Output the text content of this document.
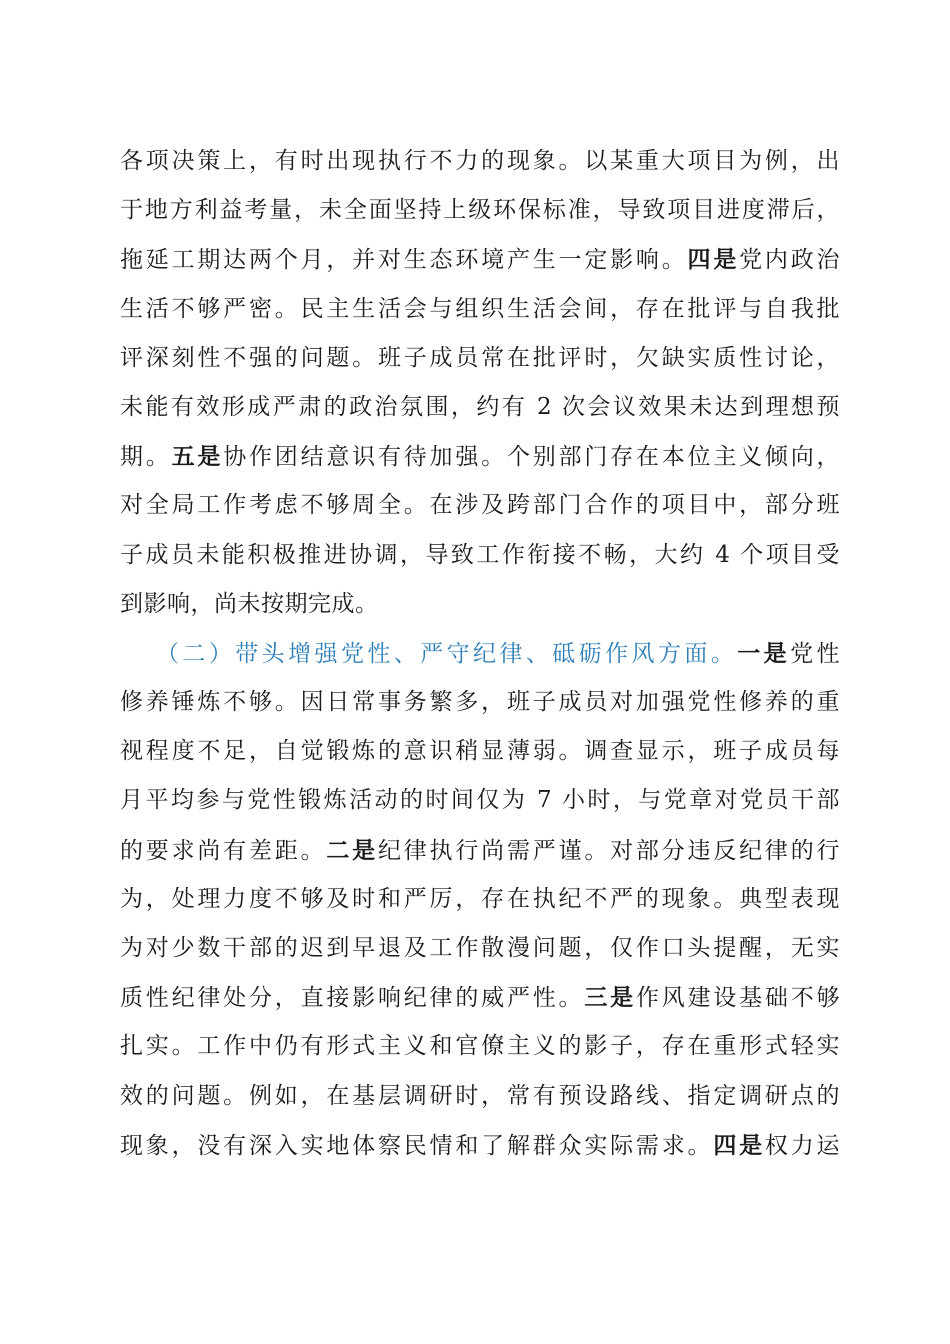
各项决策上，有时出现执行不力的现象。以某重大项目为例，出
于地方利益考量，未全面坚持上级环保标准，导致项目进度滞后，
拖延工期达两个月，并对生态环境产生一定影响。四是党内政治
生活不够严密。民主生活会与组织生活会间，存在批评与自我批
评深刻性不强的问题。班子成员常在批评时，欠缺实质性讨论，
未能有效形成严肃的政治氛围，约有 2 次会议效果未达到理想预
期。五是协作团结意识有待加强。个别部门存在本位主义倾向，
对全局工作考虑不够周全。在涉及跨部门合作的项目中，部分班
子成员未能积极推进协调，导致工作衔接不畅，大约 4 个项目受
到影响，尚未按期完成。
（二）带头增强党性、严守纪律、砥砺作风方面。一是党性
修养锤炼不够。因日常事务繁多，班子成员对加强党性修养的重
视程度不足，自觉锻炼的意识稍显薄弱。调查显示，班子成员每
月平均参与党性锻炼活动的时间仅为 7 小时，与党章对党员干部
的要求尚有差距。二是纪律执行尚需严谨。对部分违反纪律的行
为，处理力度不够及时和严厉，存在执纪不严的现象。典型表现
为对少数干部的迟到早退及工作散漫问题，仅作口头提醒，无实
质性纪律处分，直接影响纪律的威严性。三是作风建设基础不够
扎实。工作中仍有形式主义和官僚主义的影子，存在重形式轻实
效的问题。例如，在基层调研时，常有预设路线、指定调研点的
现象，没有深入实地体察民情和了解群众实际需求。四是权力运
